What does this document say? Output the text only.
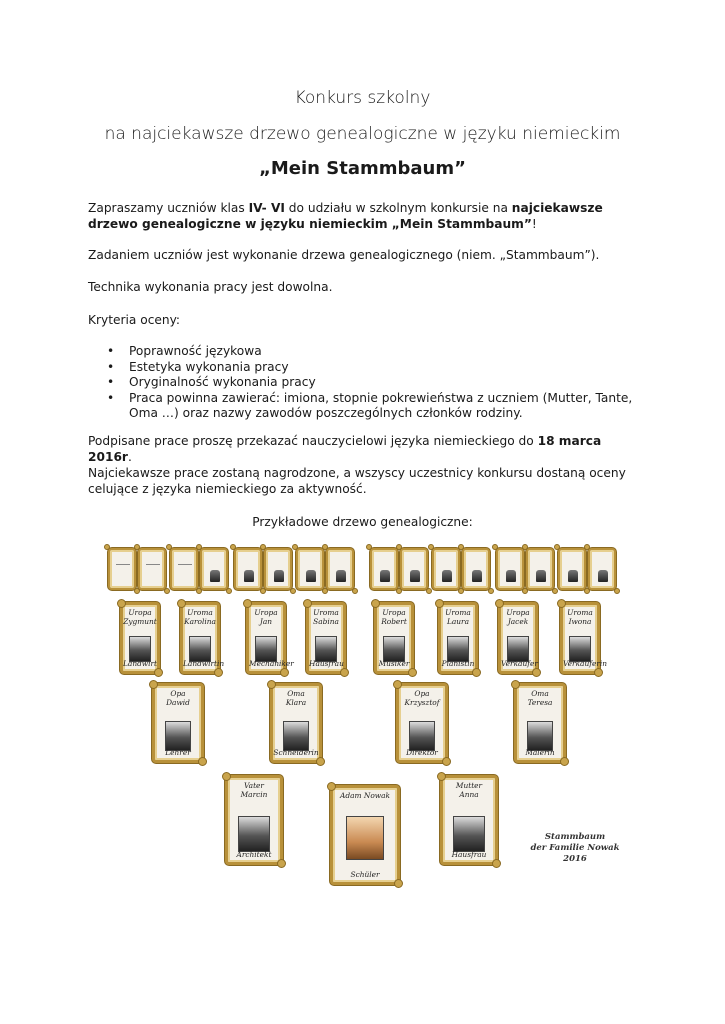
Konkurs szkolny
na najciekawsze drzewo genealogiczne w języku niemieckim
„Mein Stammbaum”
Zapraszamy uczniów klas IV- VI do udziału w szkolnym konkursie na najciekawsze drzewo genealogiczne w języku niemieckim „Mein Stammbaum”!
Zadaniem uczniów jest wykonanie drzewa genealogicznego (niem. „Stammbaum”).
Technika wykonania pracy jest dowolna.
Kryteria oceny:
• Poprawność językowa
• Estetyka wykonania pracy
• Oryginalność wykonania pracy
• Praca powinna zawierać: imiona, stopnie pokrewieństwa z uczniem (Mutter, Tante, Oma …) oraz nazwy zawodów poszczególnych członków rodziny.
Podpisane prace proszę przekazać nauczycielowi języka niemieckiego do 18 marca 2016r.
Najciekawsze prace zostaną nagrodzone, a wszyscy uczestnicy konkursu dostaną oceny celujące z języka niemieckiego za aktywność.
Przykładowe drzewo genealogiczne:
Stammbaum
der Familie Nowak
2016
Uropa
Zygmunt
Landwirt
Uroma
Karolina
Landwirtin
Uropa
Jan
Mechaniker
Uroma
Sabina
Hausfrau
Uropa
Robert
Musiker
Uroma
Laura
Pianistin
Uropa
Jacek
Verkäufer
Uroma
Iwona
Verkäuferin
Opa
Dawid
Lehrer
Oma
Klara
Schneiderin
Opa
Krzysztof
Direktor
Oma
Teresa
Malerin
Vater
Marcin
Architekt
Adam Nowak
Schüler
Mutter
Anna
Hausfrau
